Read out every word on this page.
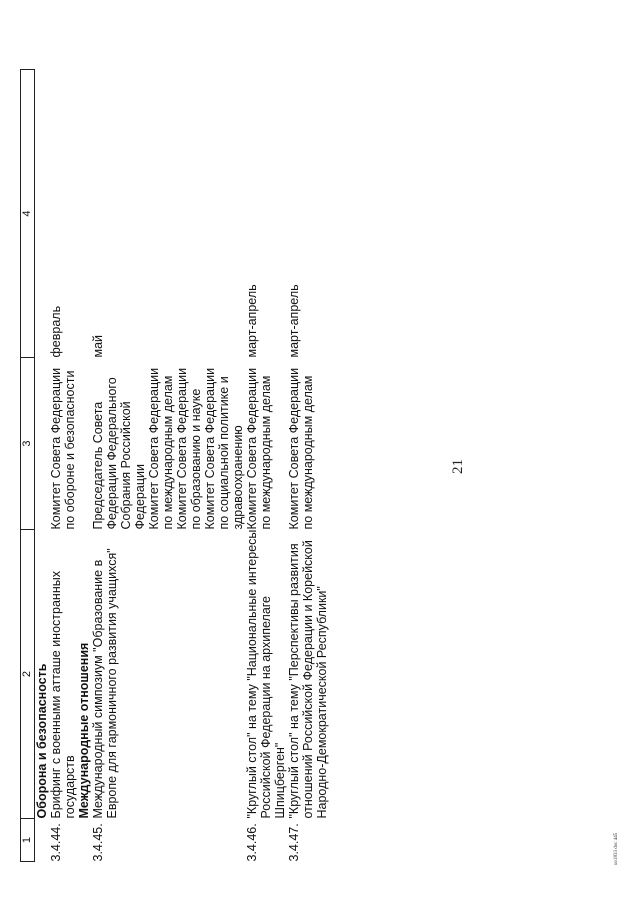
21
1	2	3	4
	Оборона и безопасность		
3.4.44.	Брифинг с военными атташе иностранных государств	Комитет Совета Федерации по обороне и безопасности	февраль
	Международные отношения		
3.4.45.	Международный симпозиум "Образование в Европе для гармоничного развития учащихся"	Председатель Совета Федерации Федерального Собрания Российской Федерации Комитет Совета Федерации по международным делам Комитет Совета Федерации по образованию и науке Комитет Совета Федерации по социальной политике и здравоохранению	май
3.4.46.	"Круглый стол" на тему "Национальные интересы Российской Федерации на архипелаге Шпицберген"	Комитет Совета Федерации по международным делам	март-апрель
3.4.47.	"Круглый стол" на тему "Перспективы развития отношений Российской Федерации и Корейской Народно-Демократической Республики"	Комитет Совета Федерации по международным делам	март-апрель
uo1833 doc 445
